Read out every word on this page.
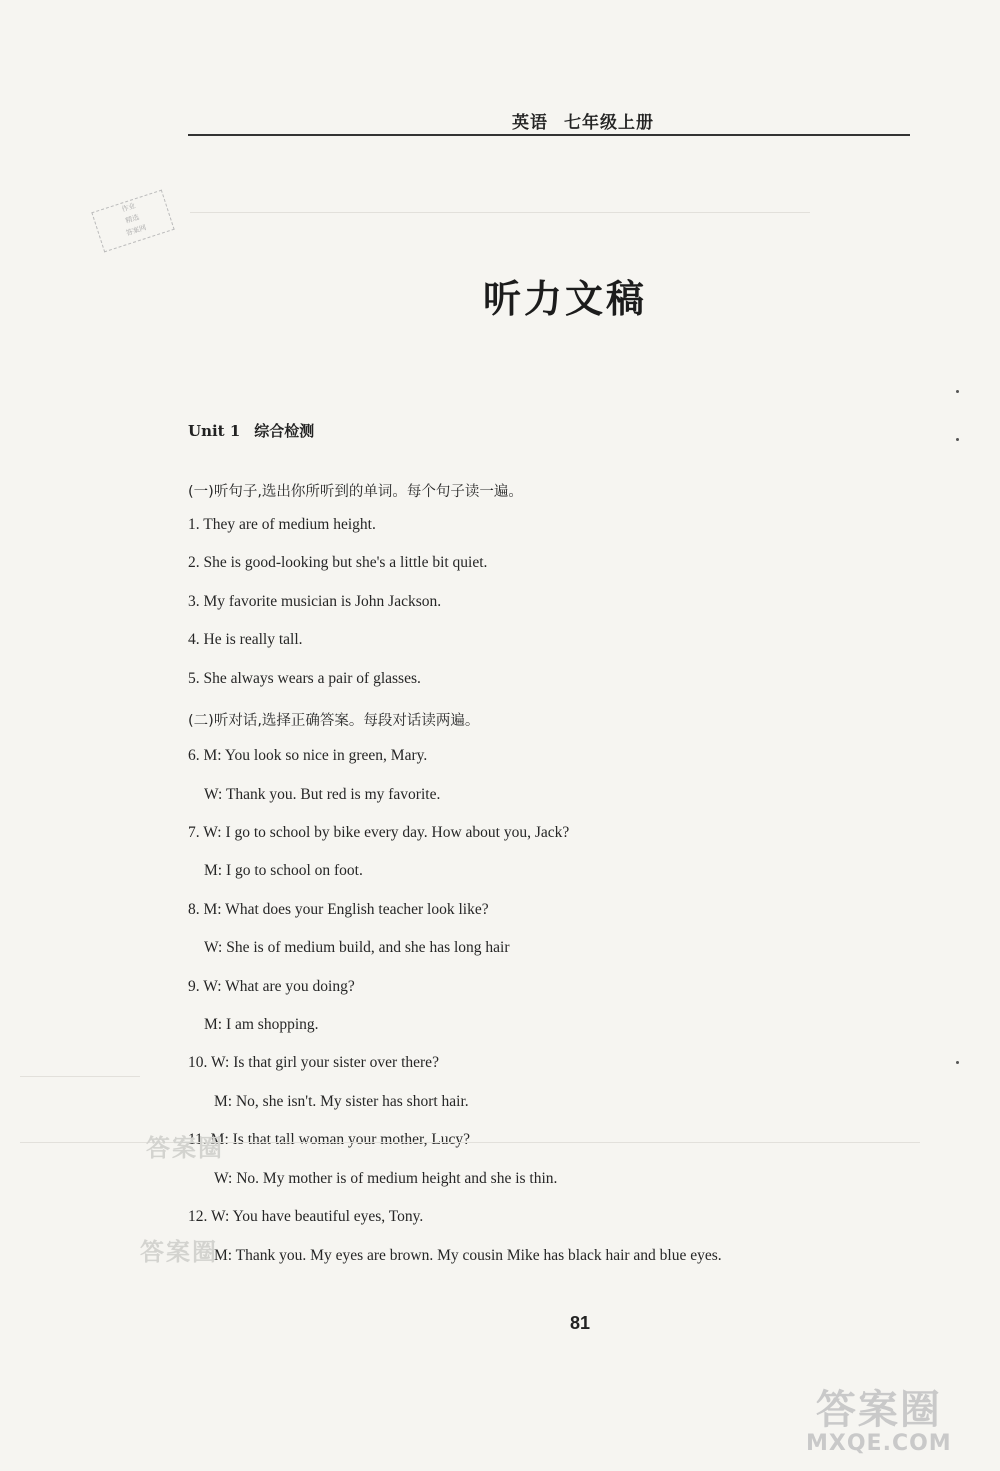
英语 七年级上册
作业
精选
答案网
听力文稿
Unit 1 综合检测
(一)听句子,选出你所听到的单词。每个句子读一遍。
1. They are of medium height.
2. She is good-looking but she's a little bit quiet.
3. My favorite musician is John Jackson.
4. He is really tall.
5. She always wears a pair of glasses.
(二)听对话,选择正确答案。每段对话读两遍。
6. M: You look so nice in green, Mary.
W: Thank you. But red is my favorite.
7. W: I go to school by bike every day. How about you, Jack?
M: I go to school on foot.
8. M: What does your English teacher look like?
W: She is of medium build, and she has long hair
9. W: What are you doing?
M: I am shopping.
10. W: Is that girl your sister over there?
M: No, she isn't. My sister has short hair.
11. M: Is that tall woman your mother, Lucy?
W: No. My mother is of medium height and she is thin.
12. W: You have beautiful eyes, Tony.
M: Thank you. My eyes are brown. My cousin Mike has black hair and blue eyes.
81
答案圈
答案圈
答案圈
MXQE.COM
